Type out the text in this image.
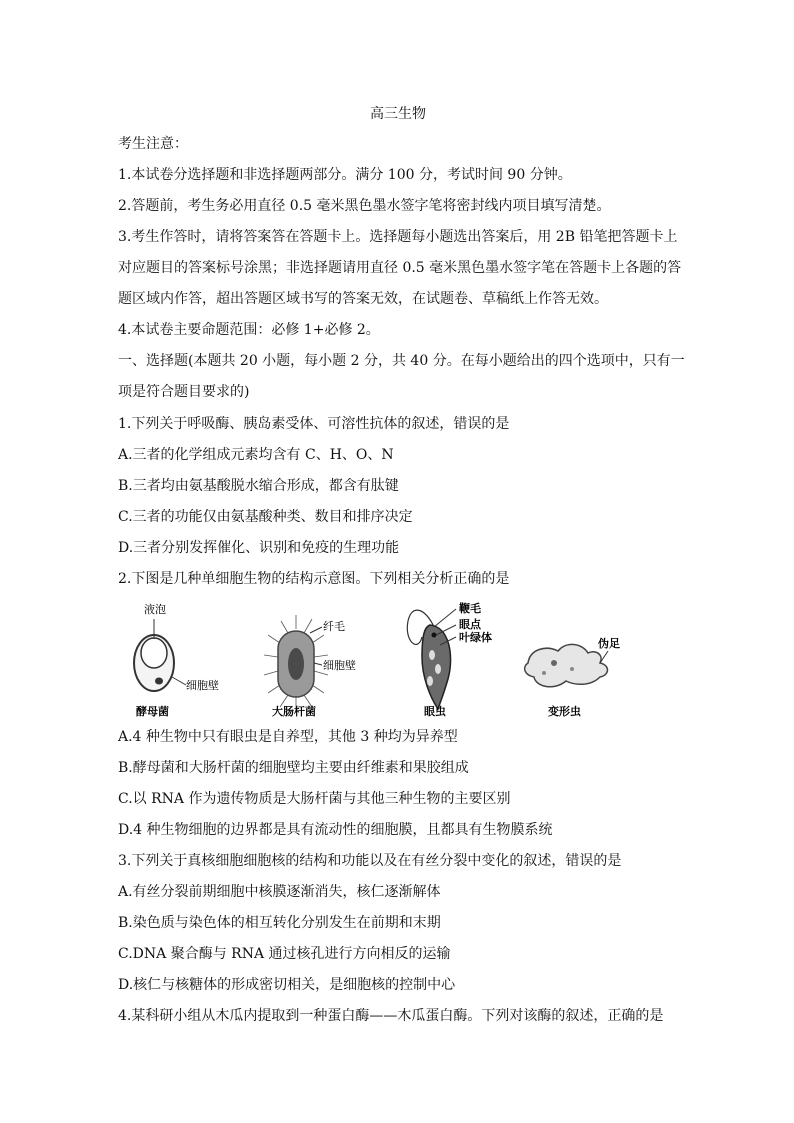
高三生物
考生注意：
1.本试卷分选择题和非选择题两部分。满分 100 分，考试时间 90 分钟。
2.答题前，考生务必用直径 0.5 毫米黑色墨水签字笔将密封线内项目填写清楚。
3.考生作答时，请将答案答在答题卡上。选择题每小题选出答案后，用 2B 铅笔把答题卡上
对应题目的答案标号涂黑；非选择题请用直径 0.5 毫米黑色墨水签字笔在答题卡上各题的答
题区域内作答，超出答题区域书写的答案无效，在试题卷、草稿纸上作答无效。
4.本试卷主要命题范围：必修 1+必修 2。
一、选择题(本题共 20 小题，每小题 2 分，共 40 分。在每小题给出的四个选项中，只有一
项是符合题目要求的)
1.下列关于呼吸酶、胰岛素受体、可溶性抗体的叙述，错误的是
A.三者的化学组成元素均含有 C、H、O、N
B.三者均由氨基酸脱水缩合形成，都含有肽键
C.三者的功能仅由氨基酸种类、数目和排序决定
D.三者分别发挥催化、识别和免疫的生理功能
2.下图是几种单细胞生物的结构示意图。下列相关分析正确的是
液泡
细胞壁
酵母菌
纤毛
细胞壁
大肠杆菌
鞭毛
眼点
叶绿体
眼虫
伪足
变形虫
A.4 种生物中只有眼虫是自养型，其他 3 种均为异养型
B.酵母菌和大肠杆菌的细胞壁均主要由纤维素和果胶组成
C.以 RNA 作为遗传物质是大肠杆菌与其他三种生物的主要区别
D.4 种生物细胞的边界都是具有流动性的细胞膜，且都具有生物膜系统
3.下列关于真核细胞细胞核的结构和功能以及在有丝分裂中变化的叙述，错误的是
A.有丝分裂前期细胞中核膜逐渐消失，核仁逐渐解体
B.染色质与染色体的相互转化分别发生在前期和末期
C.DNA 聚合酶与 RNA 通过核孔进行方向相反的运输
D.核仁与核糖体的形成密切相关，是细胞核的控制中心
4.某科研小组从木瓜内提取到一种蛋白酶——木瓜蛋白酶。下列对该酶的叙述，正确的是
